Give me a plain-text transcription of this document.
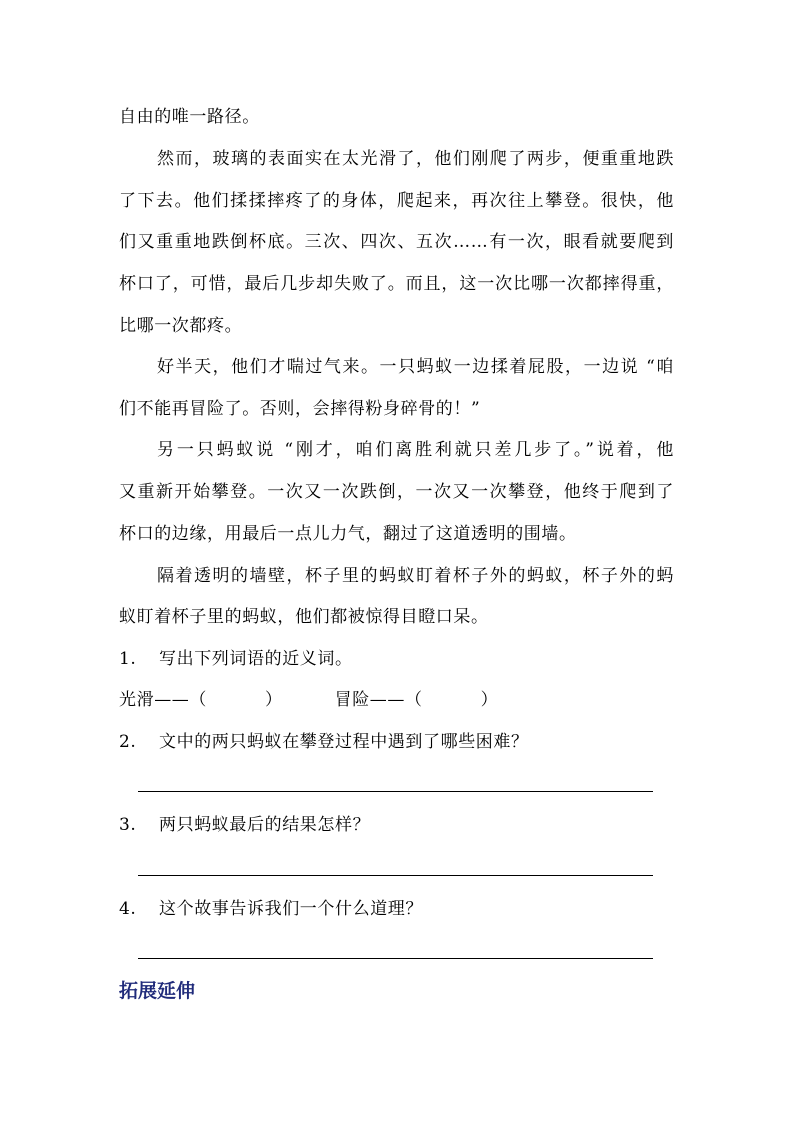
自由的唯一路径。
然而，玻璃的表面实在太光滑了，他们刚爬了两步，便重重地跌
了下去。他们揉揉摔疼了的身体，爬起来，再次往上攀登。很快，他
们又重重地跌倒杯底。三次、四次、五次……有一次，眼看就要爬到
杯口了，可惜，最后几步却失败了。而且，这一次比哪一次都摔得重，
比哪一次都疼。
好半天，他们才喘过气来。一只蚂蚁一边揉着屁股，一边说 “咱
们不能再冒险了。否则，会摔得粉身碎骨的！”
另一只蚂蚁说 “刚才，咱们离胜利就只差几步了。”说着，他
又重新开始攀登。一次又一次跌倒，一次又一次攀登，他终于爬到了
杯口的边缘，用最后一点儿力气，翻过了这道透明的围墙。
隔着透明的墙壁，杯子里的蚂蚁盯着杯子外的蚂蚁，杯子外的蚂
蚁盯着杯子里的蚂蚁，他们都被惊得目瞪口呆。
1. 写出下列词语的近义词。
光滑——（	）	冒险——（	）
2. 文中的两只蚂蚁在攀登过程中遇到了哪些困难？
3. 两只蚂蚁最后的结果怎样？
4. 这个故事告诉我们一个什么道理？
拓展延伸
